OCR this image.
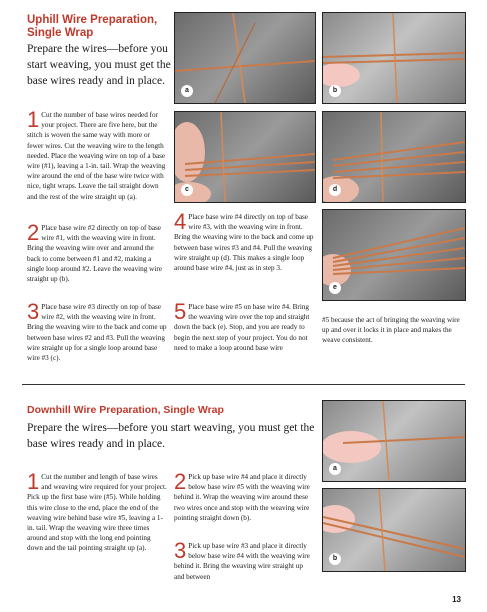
Uphill Wire Preparation,
Single Wrap
Prepare the wires—before you start weaving, you must get the base wires ready and in place.
1 Cut the number of base wires needed for your project. There are five here, but the stitch is woven the same way with more or fewer wires. Cut the weaving wire to the length needed. Place the weaving wire on top of a base wire (#1), leaving a 1-in. tail. Wrap the weaving wire around the end of the base wire twice with nice, tight wraps. Leave the tail straight down and the rest of the wire straight up (a).
2 Place base wire #2 directly on top of base wire #1, with the weaving wire in front. Bring the weaving wire over and around the back to come between #1 and #2, making a single loop around #2. Leave the weaving wire straight up (b).
3 Place base wire #3 directly on top of base wire #2, with the weaving wire in front. Bring the weaving wire to the back and come up between base wires #2 and #3. Pull the weaving wire straight up for a single loop around base wire #3 (c).
4 Place base wire #4 directly on top of base wire #3, with the weaving wire in front. Bring the weaving wire to the back and come up between base wires #3 and #4. Pull the weaving wire straight up (d). This makes a single loop around base wire #4, just as in step 3.
5 Place base wire #5 on base wire #4. Bring the weaving wire over the top and straight down the back (e). Stop, and you are ready to begin the next step of your project. You do not need to make a loop around base wire
#5 because the act of bringing the weaving wire up and over it locks it in place and makes the weave consistent.
a	b
c	d
e
Downhill Wire Preparation, Single Wrap
Prepare the wires—before you start weaving, you must get the base wires ready and in place.
1 Cut the number and length of base wires and weaving wire required for your project. Pick up the first base wire (#5). While holding this wire close to the end, place the end of the weaving wire behind base wire #5, leaving a 1-in. tail. Wrap the weaving wire three times around and stop with the long end pointing down and the tail pointing straight up (a).
2 Pick up base wire #4 and place it directly below base wire #5 with the weaving wire behind it. Wrap the weaving wire around these two wires once and stop with the weaving wire pointing straight down (b).
3 Pick up base wire #3 and place it directly below base wire #4 with the weaving wire behind it. Bring the weaving wire straight up and between
a
b
13
